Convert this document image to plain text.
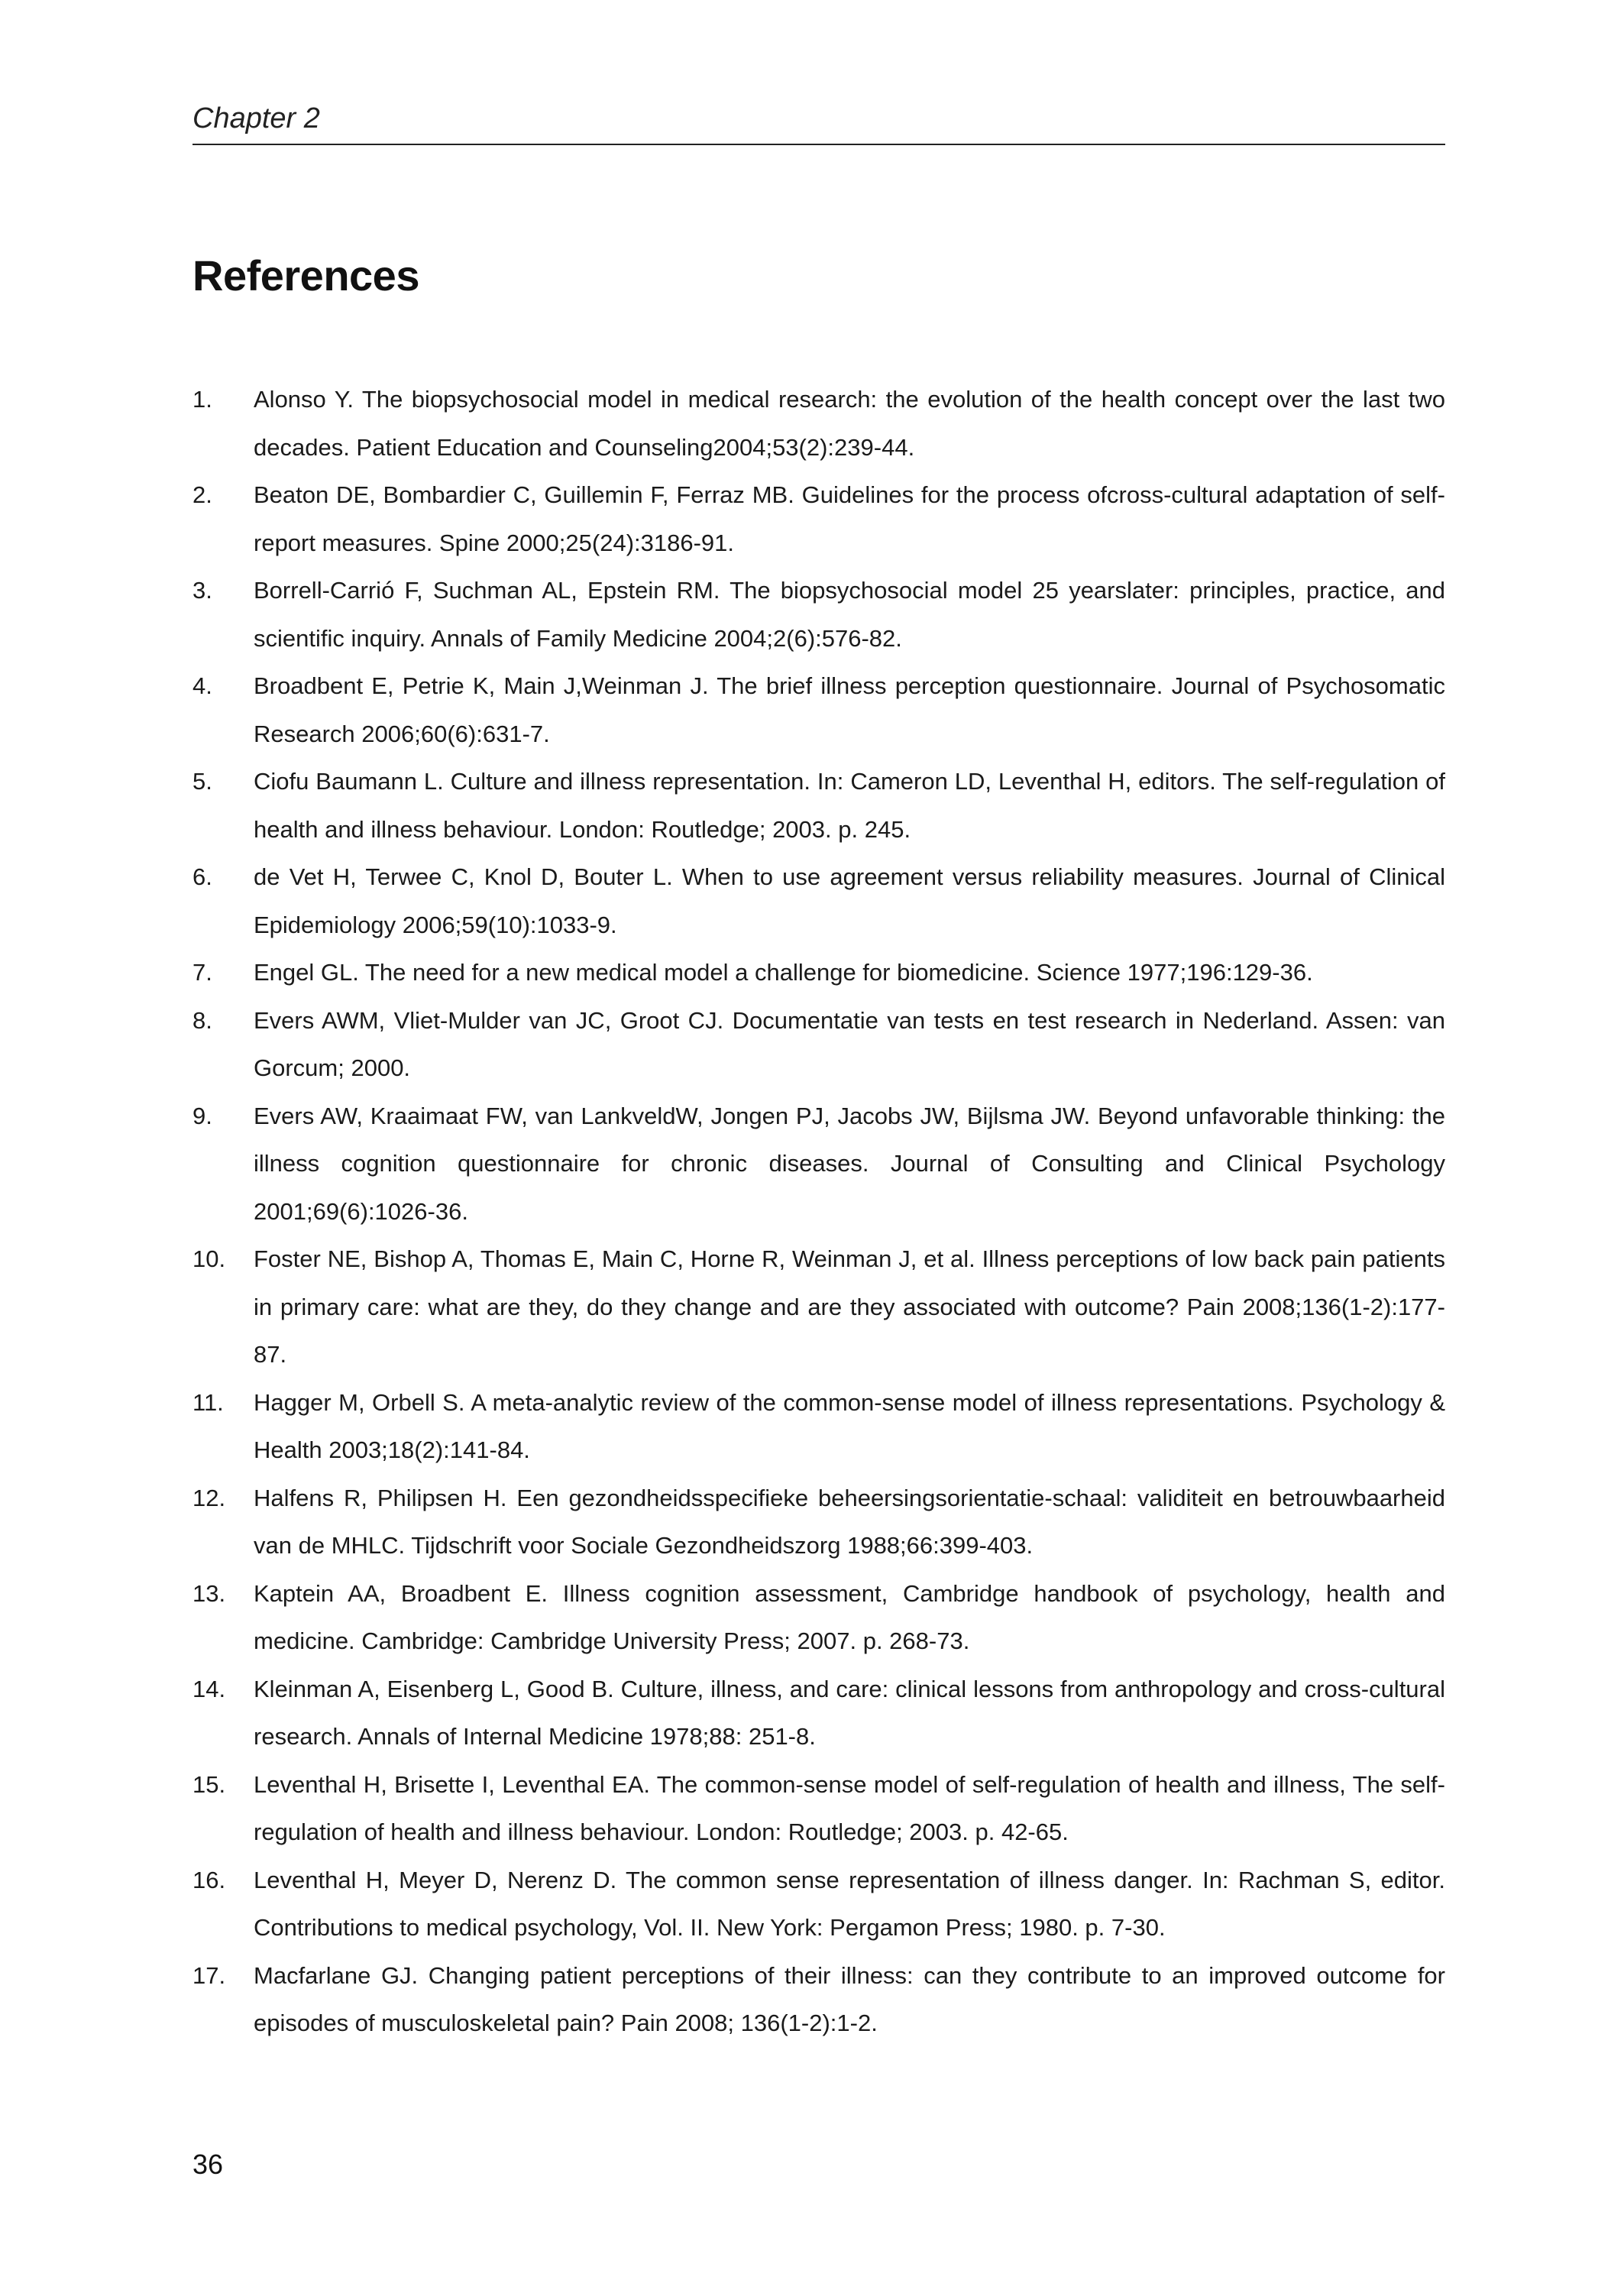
Chapter 2
References
1. Alonso Y. The biopsychosocial model in medical research: the evolution of the health concept over the last two decades. Patient Education and Counseling2004;53(2):239-44.
2. Beaton DE, Bombardier C, Guillemin F, Ferraz MB. Guidelines for the process ofcross-cultural adaptation of self-report measures. Spine 2000;25(24):3186-91.
3. Borrell-Carrió F, Suchman AL, Epstein RM. The biopsychosocial model 25 yearslater: principles, practice, and scientific inquiry. Annals of Family Medicine 2004;2(6):576-82.
4. Broadbent E, Petrie K, Main J,Weinman J. The brief illness perception questionnaire. Journal of Psychosomatic Research 2006;60(6):631-7.
5. Ciofu Baumann L. Culture and illness representation. In: Cameron LD, Leventhal H, editors. The self-regulation of health and illness behaviour. London: Routledge; 2003. p. 245.
6. de Vet H, Terwee C, Knol D, Bouter L. When to use agreement versus reliability measures. Journal of Clinical Epidemiology 2006;59(10):1033-9.
7. Engel GL. The need for a new medical model a challenge for biomedicine. Science 1977;196:129-36.
8. Evers AWM, Vliet-Mulder van JC, Groot CJ. Documentatie van tests en test research in Nederland. Assen: van Gorcum; 2000.
9. Evers AW, Kraaimaat FW, van LankveldW, Jongen PJ, Jacobs JW, Bijlsma JW. Beyond unfavorable thinking: the illness cognition questionnaire for chronic diseases. Journal of Consulting and Clinical Psychology 2001;69(6):1026-36.
10. Foster NE, Bishop A, Thomas E, Main C, Horne R, Weinman J, et al. Illness perceptions of low back pain patients in primary care: what are they, do they change and are they associated with outcome? Pain 2008;136(1-2):177-87.
11. Hagger M, Orbell S. A meta-analytic review of the common-sense model of illness representations. Psychology & Health 2003;18(2):141-84.
12. Halfens R, Philipsen H. Een gezondheidsspecifieke beheersingsorientatie-schaal: validiteit en betrouwbaarheid van de MHLC. Tijdschrift voor Sociale Gezondheidszorg 1988;66:399-403.
13. Kaptein AA, Broadbent E. Illness cognition assessment, Cambridge handbook of psychology, health and medicine. Cambridge: Cambridge University Press; 2007. p. 268-73.
14. Kleinman A, Eisenberg L, Good B. Culture, illness, and care: clinical lessons from anthropology and cross-cultural research. Annals of Internal Medicine 1978;88: 251-8.
15. Leventhal H, Brisette I, Leventhal EA. The common-sense model of self-regulation of health and illness, The self-regulation of health and illness behaviour. London: Routledge; 2003. p. 42-65.
16. Leventhal H, Meyer D, Nerenz D. The common sense representation of illness danger. In: Rachman S, editor. Contributions to medical psychology, Vol. II. New York: Pergamon Press; 1980. p. 7-30.
17. Macfarlane GJ. Changing patient perceptions of their illness: can they contribute to an improved outcome for episodes of musculoskeletal pain? Pain 2008; 136(1-2):1-2.
36
